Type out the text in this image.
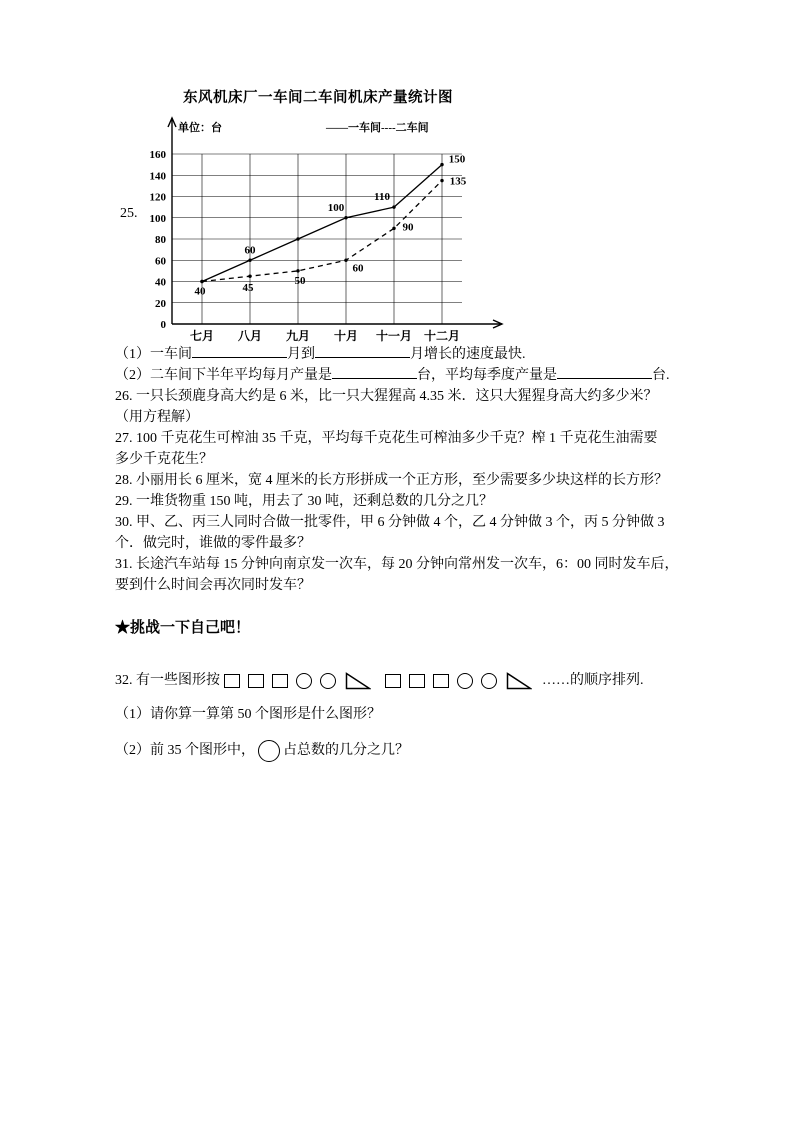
东风机床厂一车间二车间机床产量统计图
25.
0
20
40
60
80
100
120
140
160
七月 八月 九月 十月 十一月 十二月
40
60
100
110
150
45
50
60
90
135
单位：台	——一车间----二车间
（1）一车间	月到	月增长的速度最快.
（2）二车间下半年平均每月产量是	台，平均每季度产量是	台.
26. 一只长颈鹿身高大约是 6 米，比一只大猩猩高 4.35 米．这只大猩猩身高大约多少米？
（用方程解）
27. 100 千克花生可榨油 35 千克，平均每千克花生可榨油多少千克？榨 1 千克花生油需要
多少千克花生？
28. 小丽用长 6 厘米，宽 4 厘米的长方形拼成一个正方形，至少需要多少块这样的长方形？
29. 一堆货物重 150 吨，用去了 30 吨，还剩总数的几分之几？
30. 甲、乙、丙三人同时合做一批零件，甲 6 分钟做 4 个，乙 4 分钟做 3 个，丙 5 分钟做 3
个．做完时，谁做的零件最多？
31. 长途汽车站每 15 分钟向南京发一次车，每 20 分钟向常州发一次车，6：00 同时发车后，
要到什么时间会再次同时发车？
★挑战一下自己吧！
32. 有一些图形按	……的顺序排列.
（1）请你算一算第 50 个图形是什么图形？
（2）前 35 个图形中， 占总数的几分之几？
